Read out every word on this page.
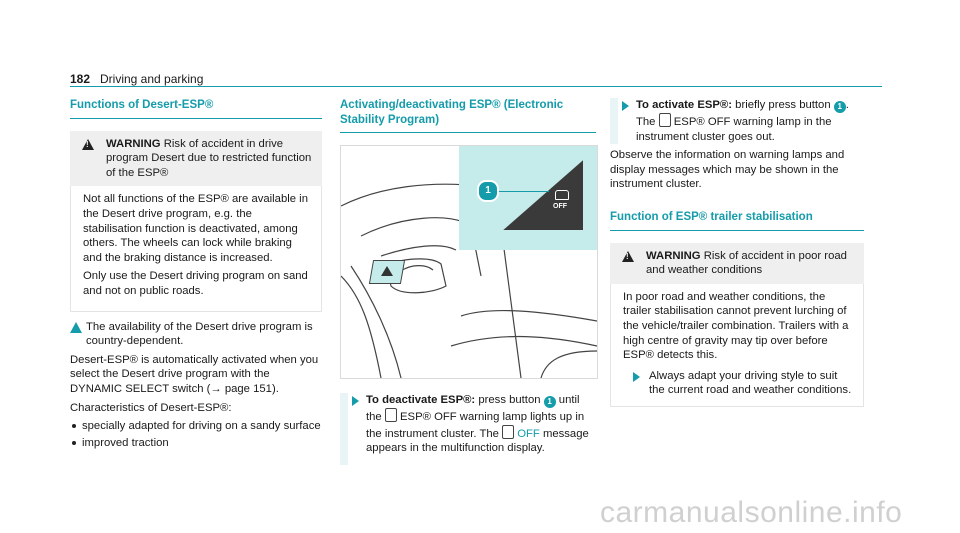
182 Driving and parking
Functions of Desert-ESP®
!
WARNING Risk of accident in drive program Desert due to restricted function of the ESP®

Not all functions of the ESP® are available in the Desert drive program, e.g. the stabilisation function is deactivated, among others. The wheels can lock while braking and the braking distance is increased.

Only use the Desert driving program on sand and not on public roads.

The availability of the Desert drive program is country-dependent.

Desert-ESP® is automatically activated when you select the Desert drive program with the DYNAMIC SELECT switch (→ page 151).

Characteristics of Desert-ESP®:

specially adapted for driving on a sandy surface
improved traction
Activating/deactivating ESP® (Electronic Stability Program)
OFF
1
To deactivate ESP®: press button 1 until the ESP® OFF warning lamp lights up in the instrument cluster. The OFF message appears in the multifunction display.
To activate ESP®: briefly press button 1 .
The ESP® OFF warning lamp in the instrument cluster goes out.

Observe the information on warning lamps and display messages which may be shown in the instrument cluster.

Function of ESP® trailer stabilisation
!
WARNING Risk of accident in poor road and weather conditions

In poor road and weather conditions, the trailer stabilisation cannot prevent lurching of the vehicle/trailer combination. Trailers with a high centre of gravity may tip over before ESP® detects this.

Always adapt your driving style to suit the current road and weather conditions.
carmanualsonline.info
